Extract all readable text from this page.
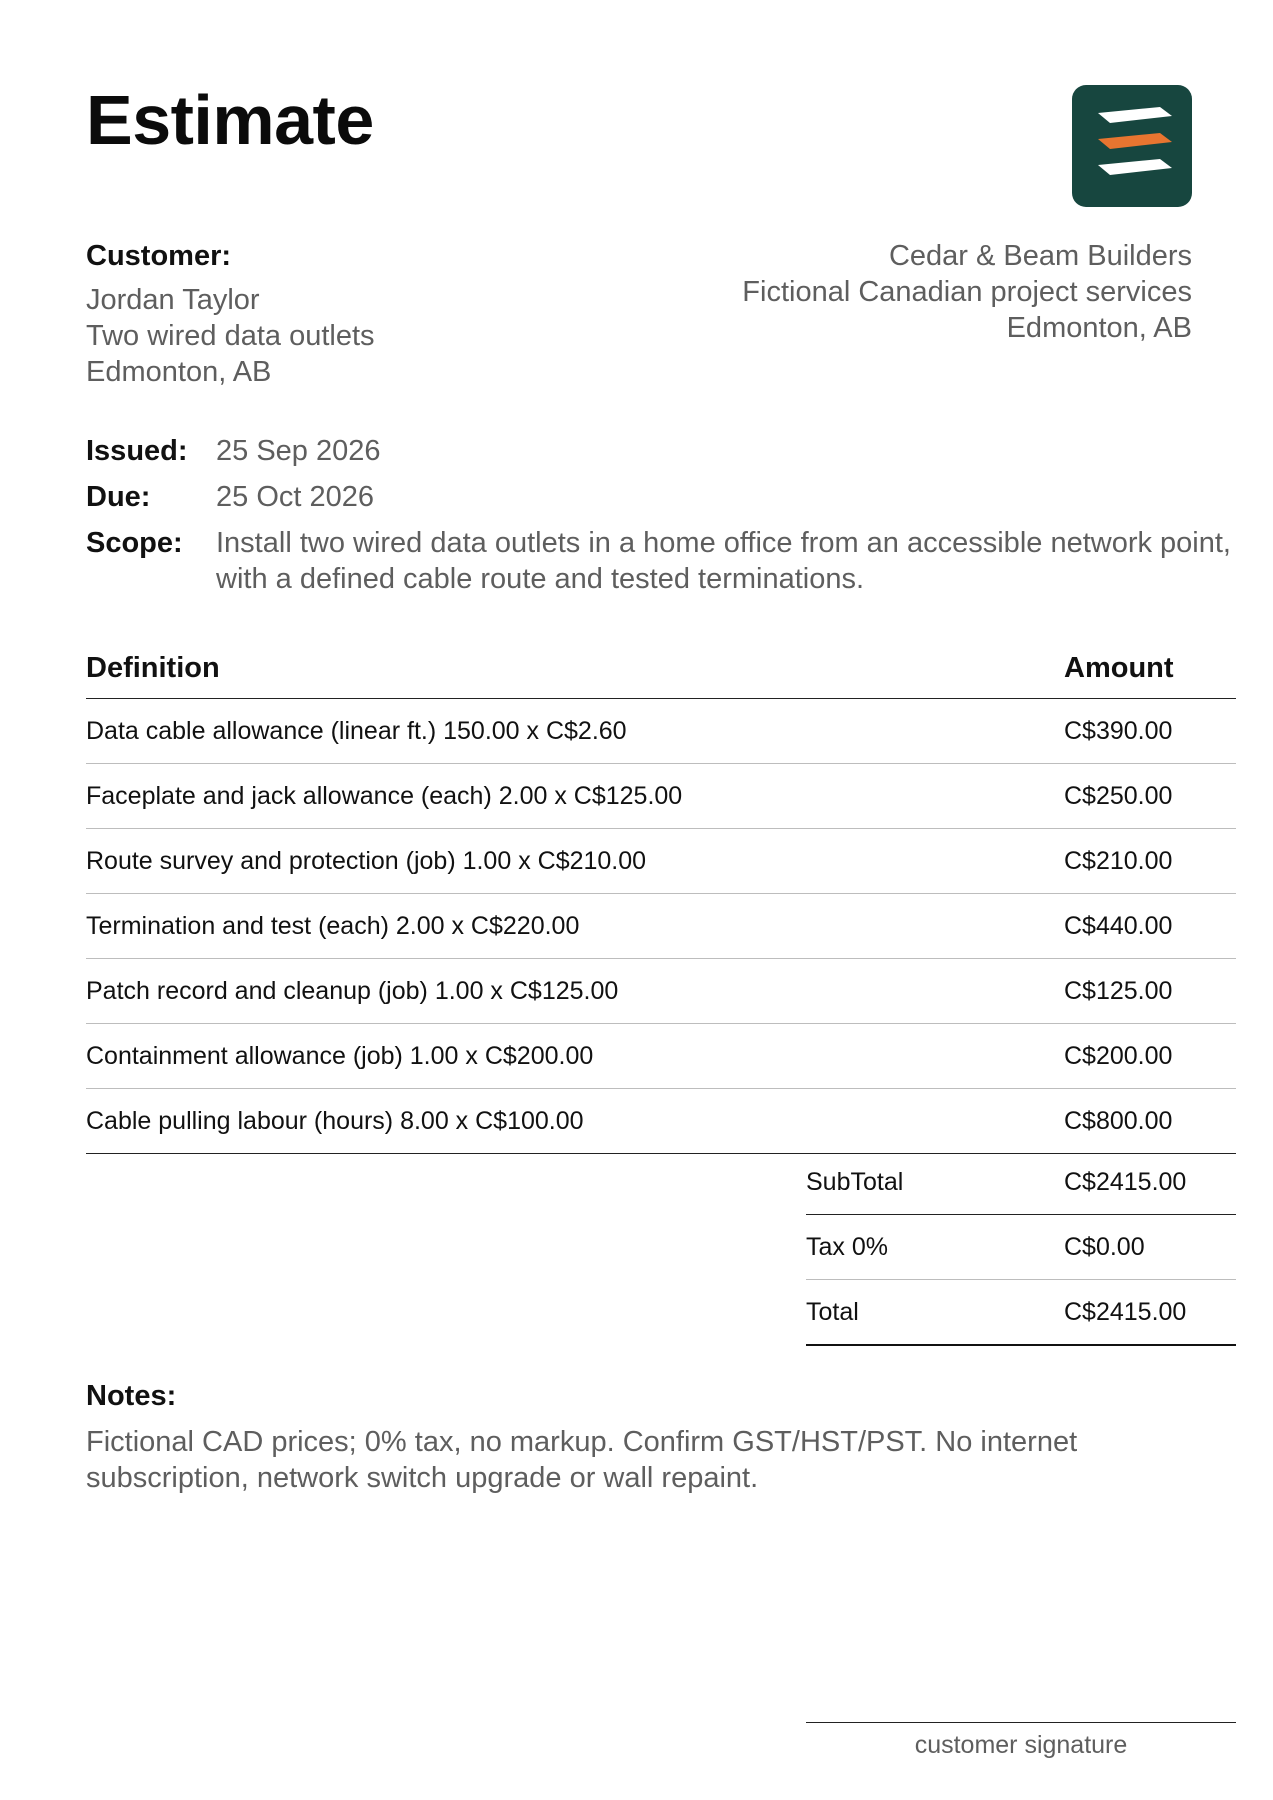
Estimate
Customer:
Jordan Taylor
Two wired data outlets
Edmonton, AB
Cedar & Beam Builders
Fictional Canadian project services
Edmonton, AB
Issued: 25 Sep 2026
Due:	25 Oct 2026
Scope:	Install two wired data outlets in a home office from an accessible network point, with a defined cable route and tested terminations.
Definition	Amount
Data cable allowance (linear ft.) 150.00 x C$2.60	C$390.00
Faceplate and jack allowance (each) 2.00 x C$125.00	C$250.00
Route survey and protection (job) 1.00 x C$210.00	C$210.00
Termination and test (each) 2.00 x C$220.00	C$440.00
Patch record and cleanup (job) 1.00 x C$125.00	C$125.00
Containment allowance (job) 1.00 x C$200.00	C$200.00
Cable pulling labour (hours) 8.00 x C$100.00	C$800.00
SubTotal	C$2415.00
Tax 0%	C$0.00
Total	C$2415.00
Notes:
Fictional CAD prices; 0% tax, no markup. Confirm GST/HST/PST. No internet subscription, network switch upgrade or wall repaint.
customer signature
